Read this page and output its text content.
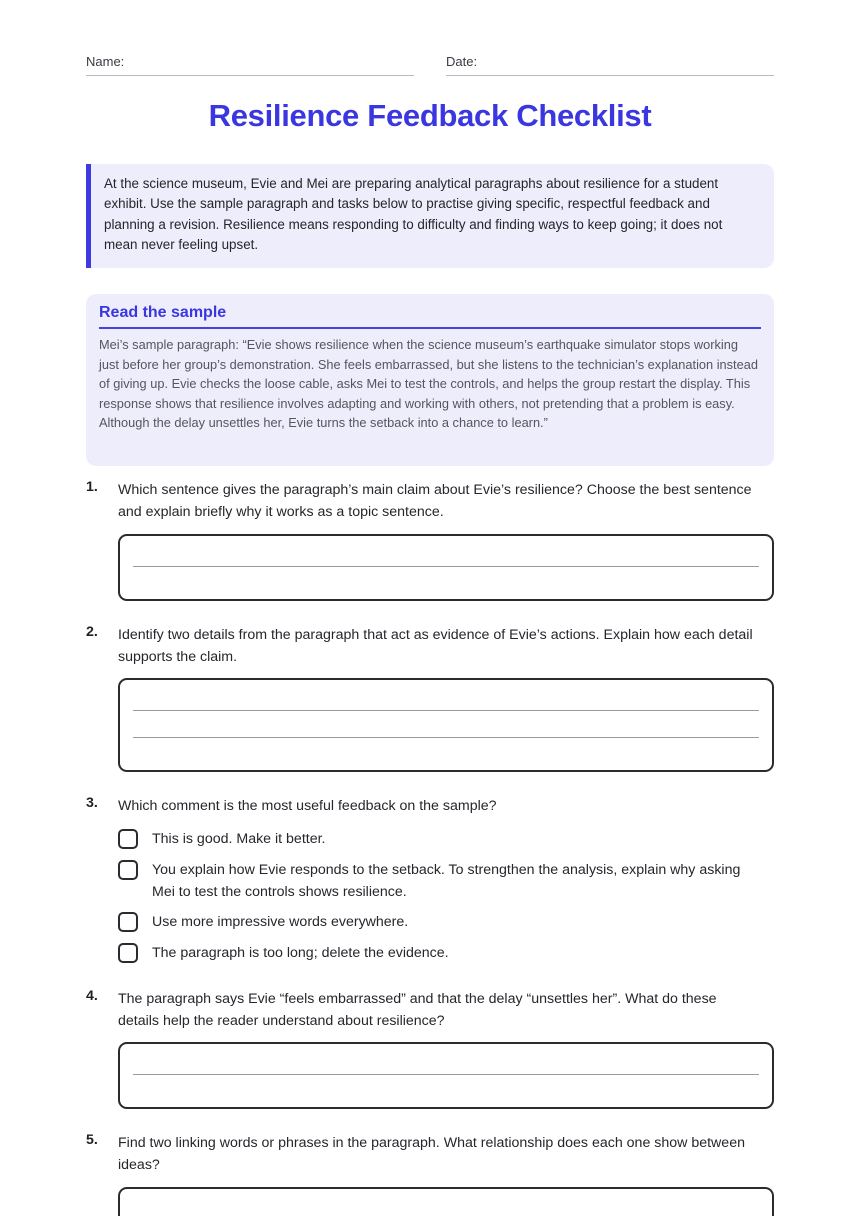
Name:	Date:
Resilience Feedback Checklist
At the science museum, Evie and Mei are preparing analytical paragraphs about resilience for a student exhibit. Use the sample paragraph and tasks below to practise giving specific, respectful feedback and planning a revision. Resilience means responding to difficulty and finding ways to keep going; it does not mean never feeling upset.
Read the sample
Mei’s sample paragraph: “Evie shows resilience when the science museum’s earthquake simulator stops working just before her group’s demonstration. She feels embarrassed, but she listens to the technician’s explanation instead of giving up. Evie checks the loose cable, asks Mei to test the controls, and helps the group restart the display. This response shows that resilience involves adapting and working with others, not pretending that a problem is easy. Although the delay unsettles her, Evie turns the setback into a chance to learn.”
1. Which sentence gives the paragraph’s main claim about Evie’s resilience? Choose the best sentence and explain briefly why it works as a topic sentence.
2. Identify two details from the paragraph that act as evidence of Evie’s actions. Explain how each detail supports the claim.
3. Which comment is the most useful feedback on the sample?
This is good. Make it better.
You explain how Evie responds to the setback. To strengthen the analysis, explain why asking Mei to test the controls shows resilience.
Use more impressive words everywhere.
The paragraph is too long; delete the evidence.
4. The paragraph says Evie “feels embarrassed” and that the delay “unsettles her”. What do these details help the reader understand about resilience?
5. Find two linking words or phrases in the paragraph. What relationship does each one show between ideas?
